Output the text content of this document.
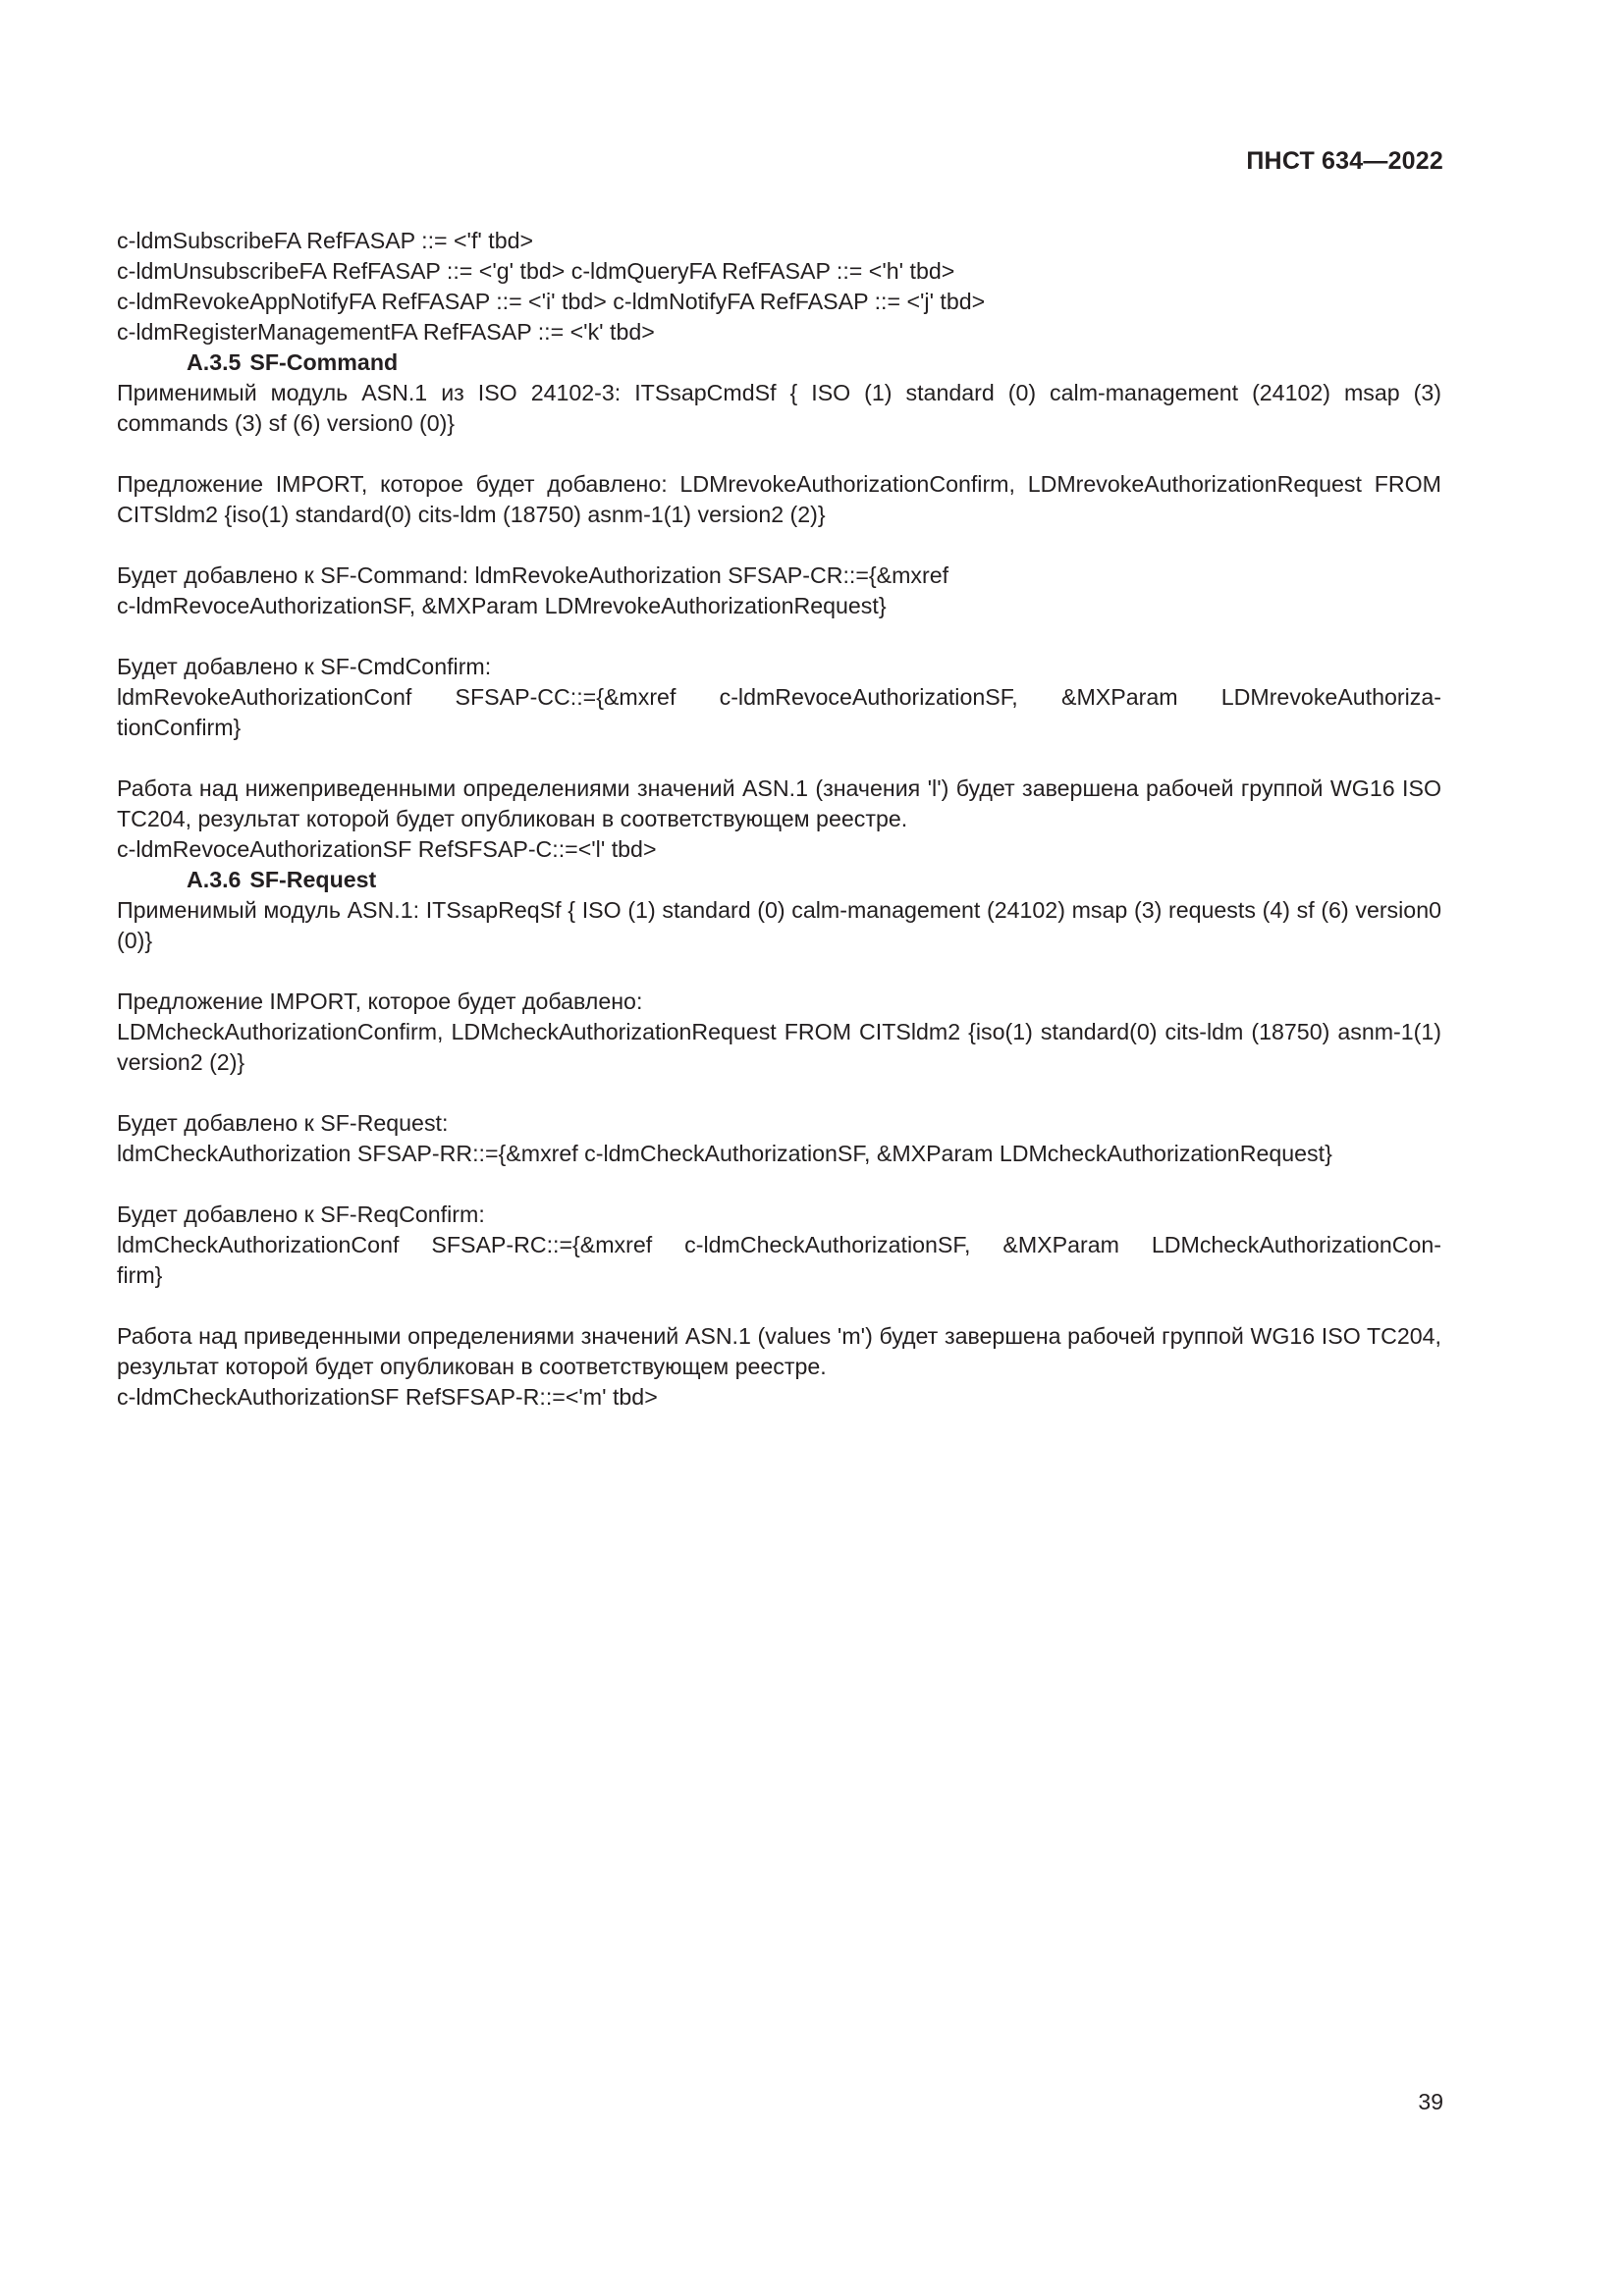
ПНСТ 634—2022
c-ldmSubscribeFA RefFASAP ::= <'f' tbd>
c-ldmUnsubscribeFA RefFASAP ::= <'g' tbd> c-ldmQueryFA RefFASAP ::= <'h' tbd>
c-ldmRevokeAppNotifyFA RefFASAP ::= <'i' tbd> c-ldmNotifyFA RefFASAP ::= <'j' tbd>
c-ldmRegisterManagementFA RefFASAP ::= <'k' tbd>
A.3.5 SF-Command
Применимый модуль ASN.1 из ISO 24102-3: ITSsapCmdSf { ISO (1) standard (0) calm-management (24102) msap (3) commands (3) sf (6) version0 (0)}
Предложение IMPORT, которое будет добавлено: LDMrevokeAuthorizationConfirm, LDMrevokeAuthorizationRequest FROM CITSldm2 {iso(1) standard(0) cits-ldm (18750) asnm-1(1) version2 (2)}
Будет добавлено к SF-Command: ldmRevokeAuthorization SFSAP-CR::={&mxref
c-ldmRevoceAuthorizationSF, &MXParam LDMrevokeAuthorizationRequest}
Будет добавлено к SF-CmdConfirm:
ldmRevokeAuthorizationConf SFSAP-CC::={&mxref c-ldmRevoceAuthorizationSF, &MXParam LDMrevokeAuthoriza-
tionConfirm}
Работа над нижеприведенными определениями значений ASN.1 (значения 'l') будет завершена рабочей группой WG16 ISO TC204, результат которой будет опубликован в соответствующем реестре.
c-ldmRevoceAuthorizationSF RefSFSAP-C::=<'l' tbd>
A.3.6 SF-Request
Применимый модуль ASN.1: ITSsapReqSf { ISO (1) standard (0) calm-management (24102) msap (3) requests (4) sf (6) version0 (0)}
Предложение IMPORT, которое будет добавлено:
LDMcheckAuthorizationConfirm, LDMcheckAuthorizationRequest FROM CITSldm2 {iso(1) standard(0) cits-ldm (18750) asnm-1(1) version2 (2)}
Будет добавлено к SF-Request:
ldmCheckAuthorization SFSAP-RR::={&mxref c-ldmCheckAuthorizationSF, &MXParam LDMcheckAuthorizationRequest}
Будет добавлено к SF-ReqConfirm:
ldmCheckAuthorizationConf SFSAP-RC::={&mxref c-ldmCheckAuthorizationSF, &MXParam LDMcheckAuthorizationCon-
firm}
Работа над приведенными определениями значений ASN.1 (values 'm') будет завершена рабочей группой WG16 ISO TC204, результат которой будет опубликован в соответствующем реестре.
c-ldmCheckAuthorizationSF RefSFSAP-R::=<'m' tbd>
39
